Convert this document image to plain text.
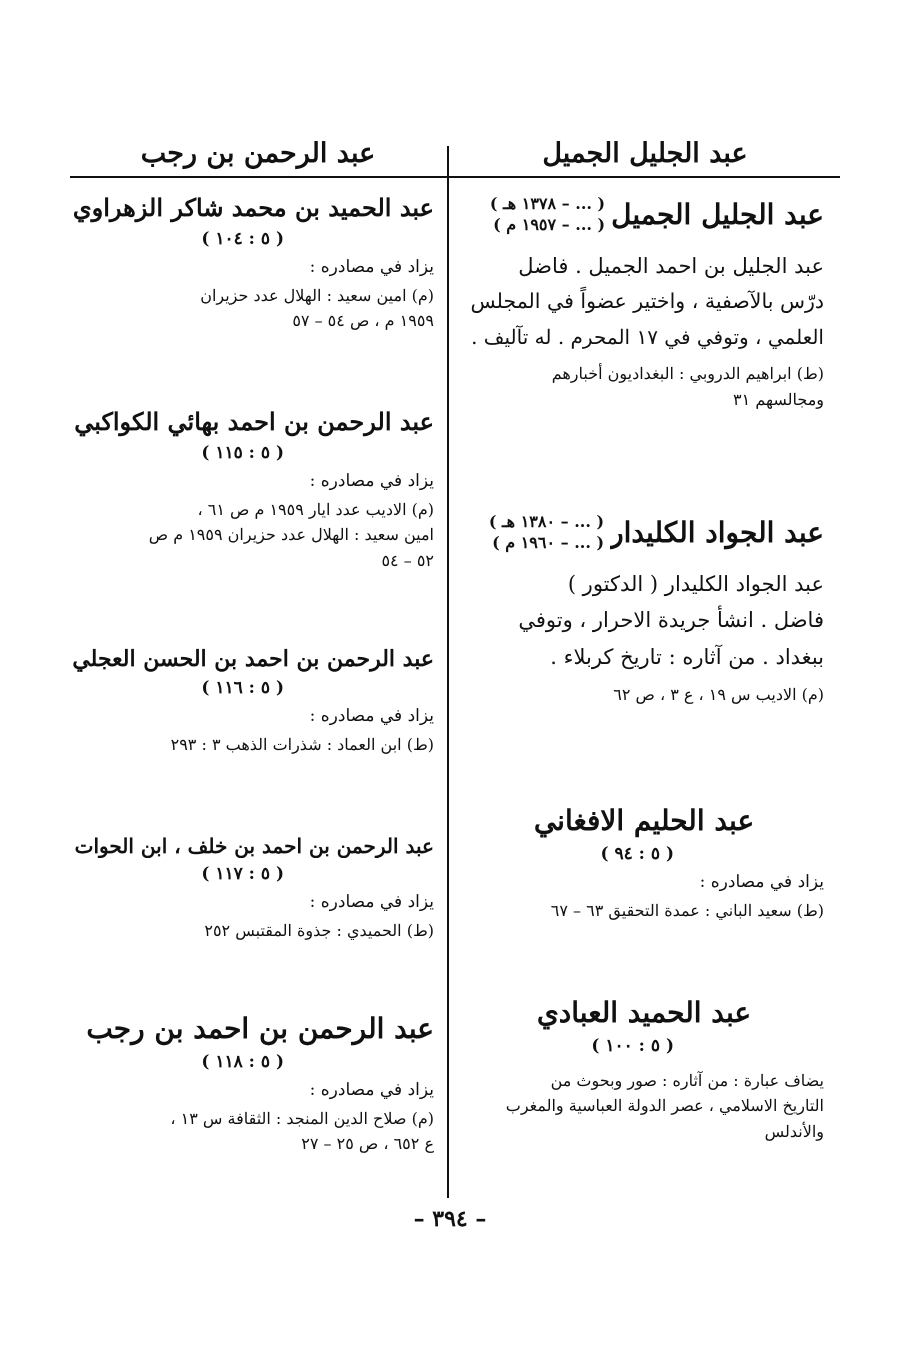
عبد الجليل الجميل
عبد الرحمن بن رجب
عبد الجليل الجميل
( ... – ١٣٧٨ هـ )
( ... – ١٩٥٧ م )
عبد الجليل بن احمد الجميل . فاضل
درّس بالآصفية ، واختير عضواً في المجلس
العلمي ، وتوفي في ١٧ المحرم . له تآليف .
(ط) ابراهيم الدروبي : البغداديون أخبارهم
ومجالسهم ٣١
عبد الجواد الكليدار
( ... – ١٣٨٠ هـ )
( ... – ١٩٦٠ م )
عبد الجواد الكليدار ( الدكتور )
فاضل . انشأ جريدة الاحرار ، وتوفي
ببغداد . من آثاره : تاريخ كربلاء .
(م) الاديب س ١٩ ، ع ٣ ، ص ٦٢
عبد الحليم الافغاني
( ٥ : ٩٤ )
يزاد في مصادره :
(ط) سعيد الباني : عمدة التحقيق ٦٣ – ٦٧
عبد الحميد العبادي
( ٥ : ١٠٠ )
يضاف عبارة : من آثاره : صور وبحوث من
التاريخ الاسلامي ، عصر الدولة العباسية والمغرب
والأندلس
عبد الحميد بن محمد شاكر الزهراوي
( ٥ : ١٠٤ )
يزاد في مصادره :
(م) امين سعيد : الهلال عدد حزيران
١٩٥٩ م ، ص ٥٤ – ٥٧
عبد الرحمن بن احمد بهائي الكواكبي
( ٥ : ١١٥ )
يزاد في مصادره :
(م) الاديب عدد ايار ١٩٥٩ م ص ٦١ ،
امين سعيد : الهلال عدد حزيران ١٩٥٩ م ص
٥٢ – ٥٤
عبد الرحمن بن احمد بن الحسن العجلي
( ٥ : ١١٦ )
يزاد في مصادره :
(ط) ابن العماد : شذرات الذهب ٣ : ٢٩٣
عبد الرحمن بن احمد بن خلف ، ابن الحوات
( ٥ : ١١٧ )
يزاد في مصادره :
(ط) الحميدي : جذوة المقتبس ٢٥٢
عبد الرحمن بن احمد بن رجب
( ٥ : ١١٨ )
يزاد في مصادره :
(م) صلاح الدين المنجد : الثقافة س ١٣ ،
ع ٦٥٢ ، ص ٢٥ – ٢٧
– ٣٩٤ –
